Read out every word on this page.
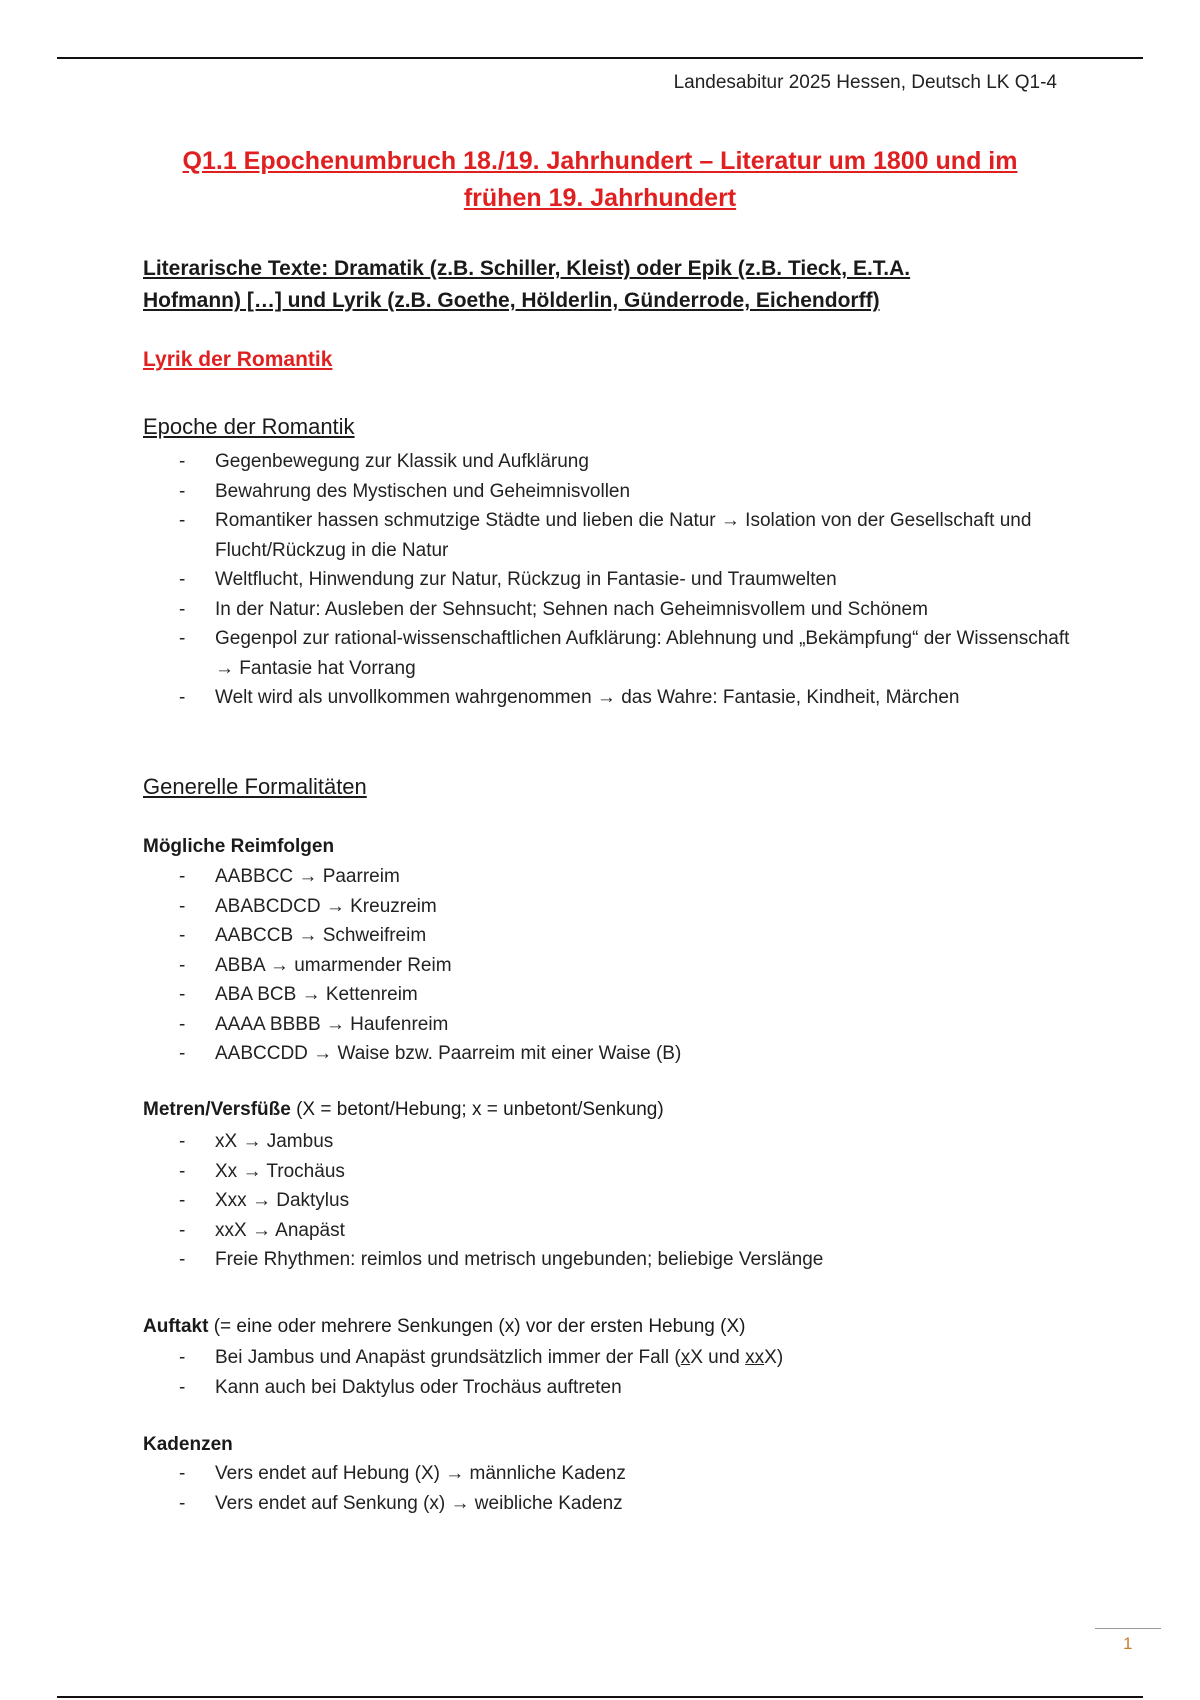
Landesabitur 2025 Hessen, Deutsch LK Q1-4
Q1.1 Epochenumbruch 18./19. Jahrhundert – Literatur um 1800 und im
frühen 19. Jahrhundert
Literarische Texte: Dramatik (z.B. Schiller, Kleist) oder Epik (z.B. Tieck, E.T.A.
Hofmann) […] und Lyrik (z.B. Goethe, Hölderlin, Günderrode, Eichendorff)
Lyrik der Romantik
Epoche der Romantik
- Gegenbewegung zur Klassik und Aufklärung
- Bewahrung des Mystischen und Geheimnisvollen
- Romantiker hassen schmutzige Städte und lieben die Natur → Isolation von der Gesellschaft und Flucht/Rückzug in die Natur
- Weltflucht, Hinwendung zur Natur, Rückzug in Fantasie- und Traumwelten
- In der Natur: Ausleben der Sehnsucht; Sehnen nach Geheimnisvollem und Schönem
- Gegenpol zur rational-wissenschaftlichen Aufklärung: Ablehnung und „Bekämpfung“ der Wissenschaft → Fantasie hat Vorrang
- Welt wird als unvollkommen wahrgenommen → das Wahre: Fantasie, Kindheit, Märchen
Generelle Formalitäten
Mögliche Reimfolgen
- AABBCC → Paarreim
- ABABCDCD → Kreuzreim
- AABCCB → Schweifreim
- ABBA → umarmender Reim
- ABA BCB → Kettenreim
- AAAA BBBB → Haufenreim
- AABCCDD → Waise bzw. Paarreim mit einer Waise (B)
Metren/Versfüße (X = betont/Hebung; x = unbetont/Senkung)
- xX → Jambus
- Xx → Trochäus
- Xxx → Daktylus
- xxX → Anapäst
- Freie Rhythmen: reimlos und metrisch ungebunden; beliebige Verslänge
Auftakt (= eine oder mehrere Senkungen (x) vor der ersten Hebung (X)
- Bei Jambus und Anapäst grundsätzlich immer der Fall (xX und xxX)
- Kann auch bei Daktylus oder Trochäus auftreten
Kadenzen
- Vers endet auf Hebung (X) → männliche Kadenz
- Vers endet auf Senkung (x) → weibliche Kadenz
1
